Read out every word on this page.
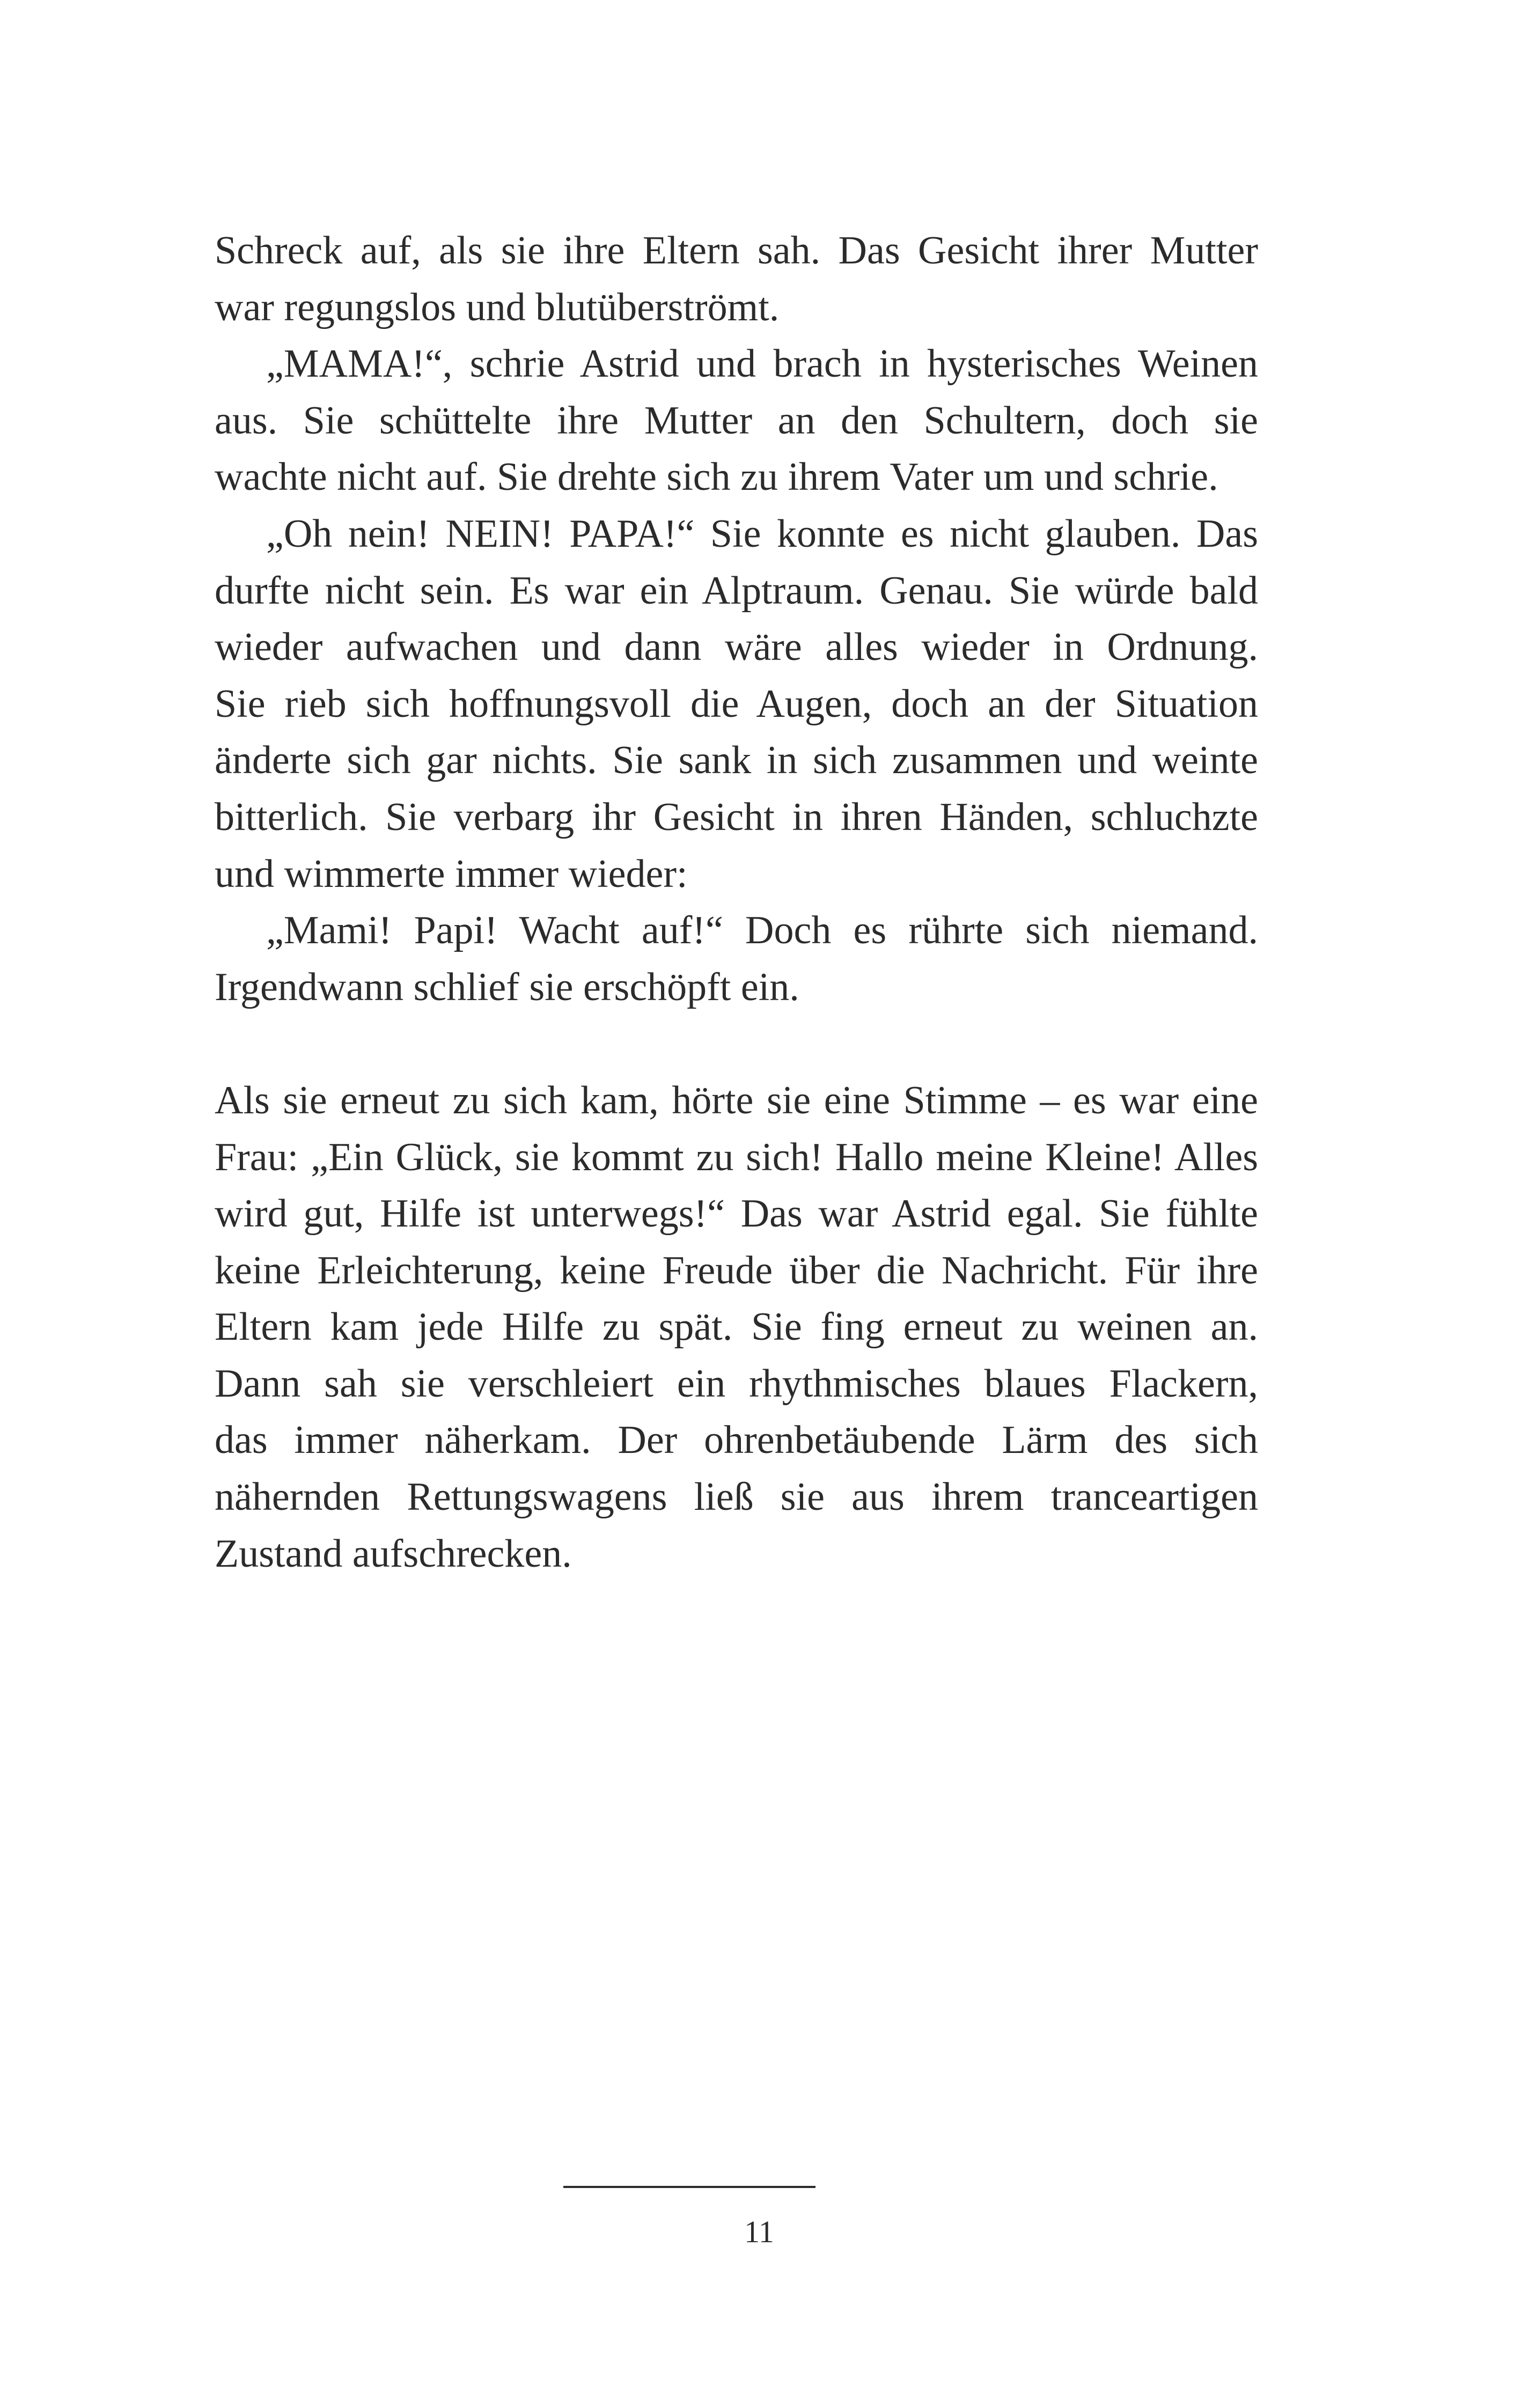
Schreck auf, als sie ihre Eltern sah. Das Gesicht ihrer Mutter
war regungslos und blutüberströmt.
„MAMA!“, schrie Astrid und brach in hysterisches Weinen
aus. Sie schüttelte ihre Mutter an den Schultern, doch sie
wachte nicht auf. Sie drehte sich zu ihrem Vater um und schrie.
„Oh nein! NEIN! PAPA!“ Sie konnte es nicht glauben. Das
durfte nicht sein. Es war ein Alptraum. Genau. Sie würde bald
wieder aufwachen und dann wäre alles wieder in Ordnung.
Sie rieb sich hoffnungsvoll die Augen, doch an der Situation
änderte sich gar nichts. Sie sank in sich zusammen und weinte
bitterlich. Sie verbarg ihr Gesicht in ihren Händen, schluchzte
und wimmerte immer wieder:
„Mami! Papi! Wacht auf!“ Doch es rührte sich niemand.
Irgendwann schlief sie erschöpft ein.
Als sie erneut zu sich kam, hörte sie eine Stimme – es war eine
Frau: „Ein Glück, sie kommt zu sich! Hallo meine Kleine! Alles
wird gut, Hilfe ist unterwegs!“ Das war Astrid egal. Sie fühlte
keine Erleichterung, keine Freude über die Nachricht. Für ihre
Eltern kam jede Hilfe zu spät. Sie fing erneut zu weinen an.
Dann sah sie verschleiert ein rhythmisches blaues Flackern,
das immer näherkam. Der ohrenbetäubende Lärm des sich
nähernden Rettungswagens ließ sie aus ihrem tranceartigen
Zustand aufschrecken.
11
